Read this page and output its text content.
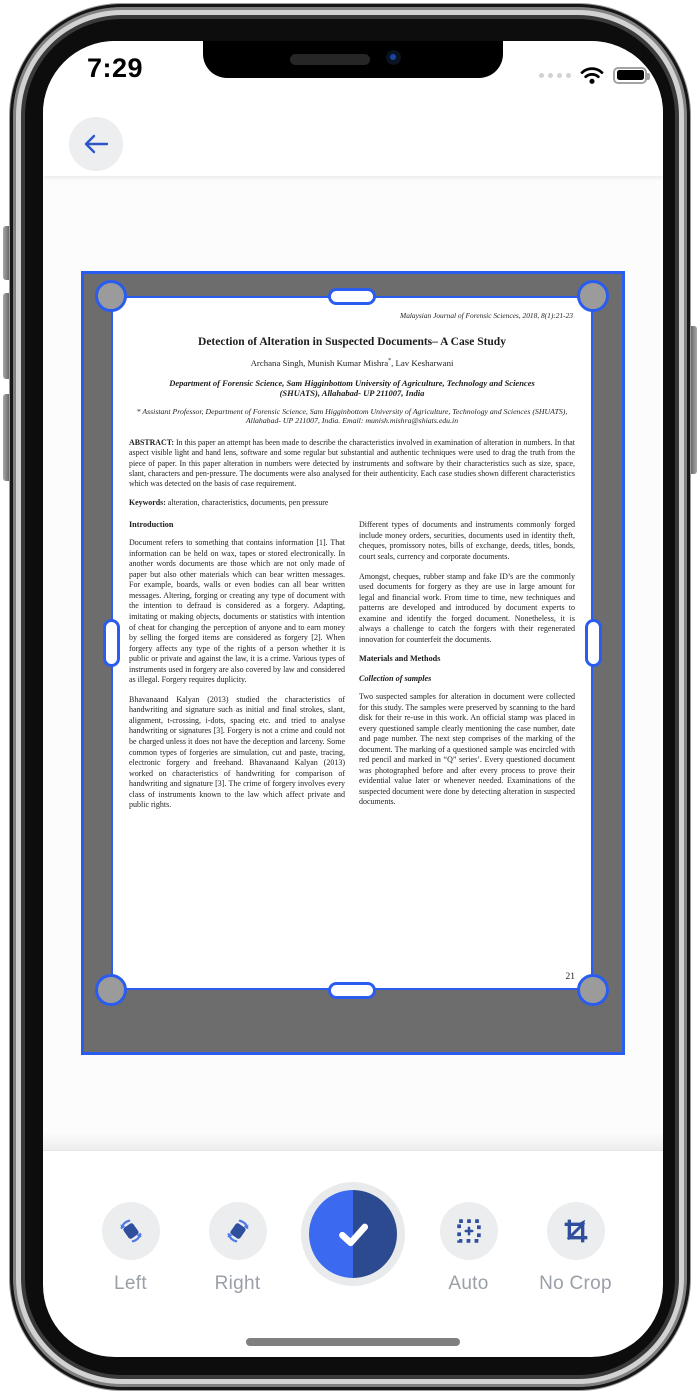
7:29
Malaysian Journal of Forensic Sciences, 2018, 8(1):21-23
Detection of Alteration in Suspected Documents– A Case Study
Archana Singh, Munish Kumar Mishra*, Lav Kesharwani
Department of Forensic Science, Sam Higginbottom University of Agriculture, Technology and Sciences (SHUATS), Allahabad- UP 211007, India
* Assistant Professor, Department of Forensic Science, Sam Higginbottom University of Agriculture, Technology and Sciences (SHUATS), Allahabad- UP 211007, India. Email: munish.mishra@shiats.edu.in
ABSTRACT: In this paper an attempt has been made to describe the characteristics involved in examination of alteration in numbers. In that aspect visible light and hand lens, software and some regular but substantial and authentic techniques were used to drag the truth from the piece of paper. In this paper alteration in numbers were detected by instruments and software by their characteristics such as size, space, slant, characters and pen-pressure. The documents were also analysed for their authenticity. Each case studies shown different characteristics which was detected on the basis of case requirement.
Keywords: alteration, characteristics, documents, pen pressure
Introduction

Document refers to something that contains information [1]. That information can be held on wax, tapes or stored electronically. In another words documents are those which are not only made of paper but also other materials which can bear written messages. For example, boards, walls or even bodies can all bear written messages. Altering, forging or creating any type of document with the intention to defraud is considered as a forgery. Adapting, imitating or making objects, documents or statistics with intention of cheat for changing the perception of anyone and to earn money by selling the forged items are considered as forgery [2]. When forgery affects any type of the rights of a person whether it is public or private and against the law, it is a crime. Various types of instruments used in forgery are also covered by law and considered as illegal. Forgery requires duplicity.

Bhavanaand Kalyan (2013) studied the characteristics of handwriting and signature such as initial and final strokes, slant, alignment, t-crossing, i-dots, spacing etc. and tried to analyse handwriting or signatures [3]. Forgery is not a crime and could not be charged unless it does not have the deception and larceny. Some common types of forgeries are simulation, cut and paste, tracing, electronic forgery and freehand. Bhavanaand Kalyan (2013) worked on characteristics of handwriting for comparison of handwriting and signature [3]. The crime of forgery involves every class of instruments known to the law which affect private and public rights.

Different types of documents and instruments commonly forged include money orders, securities, documents used in identity theft, cheques, promissory notes, bills of exchange, deeds, titles, bonds, court seals, currency and corporate documents.

Amongst, cheques, rubber stamp and fake ID’s are the commonly used documents for forgery as they are use in large amount for legal and financial work. From time to time, new techniques and patterns are developed and introduced by document experts to examine and identify the forged document. Nonetheless, it is always a challenge to catch the forgers with their regenerated innovation for counterfeit the documents.

Materials and Methods
Collection of samples

Two suspected samples for alteration in document were collected for this study. The samples were preserved by scanning to the hard disk for their re-use in this work. An official stamp was placed in every questioned sample clearly mentioning the case number, date and page number. The next step comprises of the marking of the document. The marking of a questioned sample was encircled with red pencil and marked in “Q” series’. Every questioned document was photographed before and after every process to prove their evidential value later or whenever needed. Examinations of the suspected document were done by detecting alteration in suspected documents.

21
Left	Right	Auto	No Crop
